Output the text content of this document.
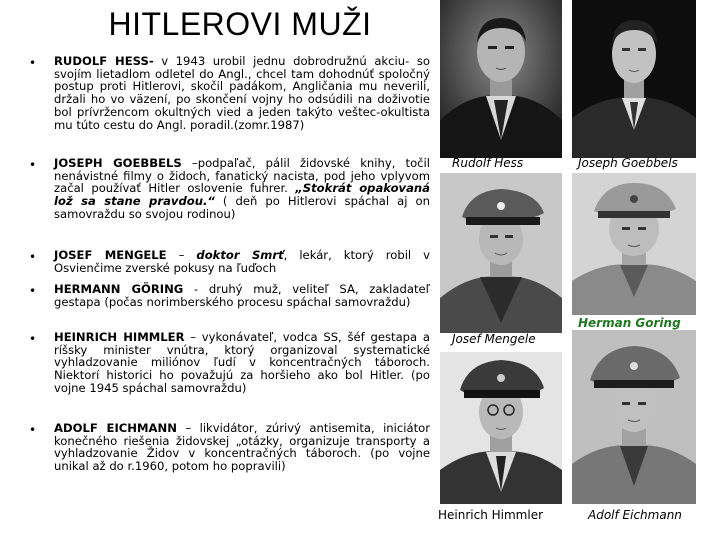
HITLEROVI MUŽI
• RUDOLF HESS- v 1943 urobil jednu dobrodružnú akciu- so svojím lietadlom odletel do Angl., chcel tam dohodnúť spoločný postup proti Hitlerovi, skočil padákom, Angličania mu neverili, držali ho vo väzení, po skončení vojny ho odsúdili na doživotie bol prívržencom okultných vied a jeden takýto veštec-okultista mu túto cestu do Angl. poradil.(zomr.1987)
• JOSEPH GOEBBELS –podpaľač, pálil židovské knihy, točil nenávistné filmy o židoch, fanatický nacista, pod jeho vplyvom začal používať Hitler oslovenie fuhrer. „Stokrát opakovaná lož sa stane pravdou.“ ( deň po Hitlerovi spáchal aj on samovraždu so svojou rodinou)
• JOSEF MENGELE – doktor Smrť, lekár, ktorý robil v Osvienčime zverské pokusy na ľuďoch
• HERMANN GÖRING - druhý muž, veliteľ SA, zakladateľ gestapa (počas norimberského procesu spáchal samovraždu)
• HEINRICH HIMMLER – vykonávateľ, vodca SS, šéf gestapa a ríšsky minister vnútra, ktorý organizoval systematické vyhladzovanie miliónov ľudí v koncentračných táboroch. Niektorí historici ho považujú za horšieho ako bol Hitler. (po vojne 1945 spáchal samovraždu)
• ADOLF EICHMANN – likvidátor, zúrivý antisemita, iniciátor konečného riešenia židovskej „otázky, organizuje transporty a vyhladzovanie Židov v koncentračných táboroch. (po vojne unikal až do r.1960, potom ho popravili)
Rudolf Hess	Joseph Goebbels
Josef Mengele
Herman Goring
Heinrich Himmler	Adolf Eichmann
